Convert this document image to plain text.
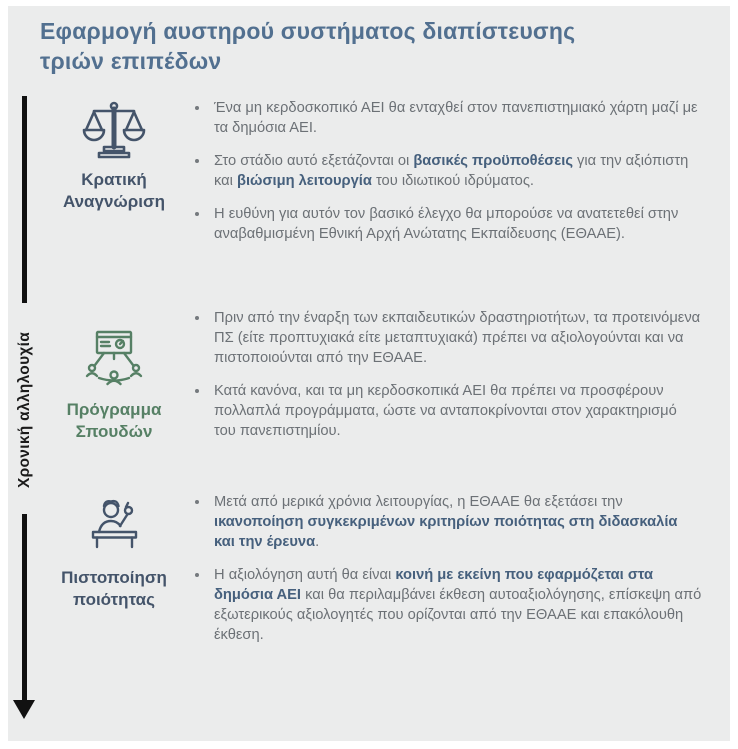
Εφαρμογή αυστηρού συστήματος διαπίστευσης
τριών επιπέδων
Χρονική αλληλουχία
Κρατική Αναγνώριση
Ένα μη κερδοσκοπικό ΑΕΙ θα ενταχθεί στον πανεπιστημιακό χάρτη μαζί με τα δημόσια ΑΕΙ.
Στο στάδιο αυτό εξετάζονται οι βασικές προϋποθέσεις για την αξιόπιστη και βιώσιμη λειτουργία του ιδιωτικού ιδρύματος.
Η ευθύνη για αυτόν τον βασικό έλεγχο θα μπορούσε να ανατετεθεί στην αναβαθμισμένη Εθνική Αρχή Ανώτατης Εκπαίδευσης (ΕΘΑΑΕ).
Πρόγραμμα Σπουδών
Πριν από την έναρξη των εκπαιδευτικών δραστηριοτήτων, τα προτεινόμενα ΠΣ (είτε προπτυχιακά είτε μεταπτυχιακά) πρέπει να αξιολογούνται και να πιστοποιούνται από την ΕΘΑΑΕ.
Κατά κανόνα, και τα μη κερδοσκοπικά ΑΕΙ θα πρέπει να προσφέρουν πολλαπλά προγράμματα, ώστε να ανταποκρίνονται στον χαρακτηρισμό του πανεπιστημίου.
Πιστοποίηση ποιότητας
Μετά από μερικά χρόνια λειτουργίας, η ΕΘΑΑΕ θα εξετάσει την ικανοποίηση συγκεκριμένων κριτηρίων ποιότητας στη διδασκαλία και την έρευνα.
Η αξιολόγηση αυτή θα είναι κοινή με εκείνη που εφαρμόζεται στα δημόσια ΑΕΙ και θα περιλαμβάνει έκθεση αυτοαξιολόγησης, επίσκεψη από εξωτερικούς αξιολογητές που ορίζονται από την ΕΘΑΑΕ και επακόλουθη έκθεση.
